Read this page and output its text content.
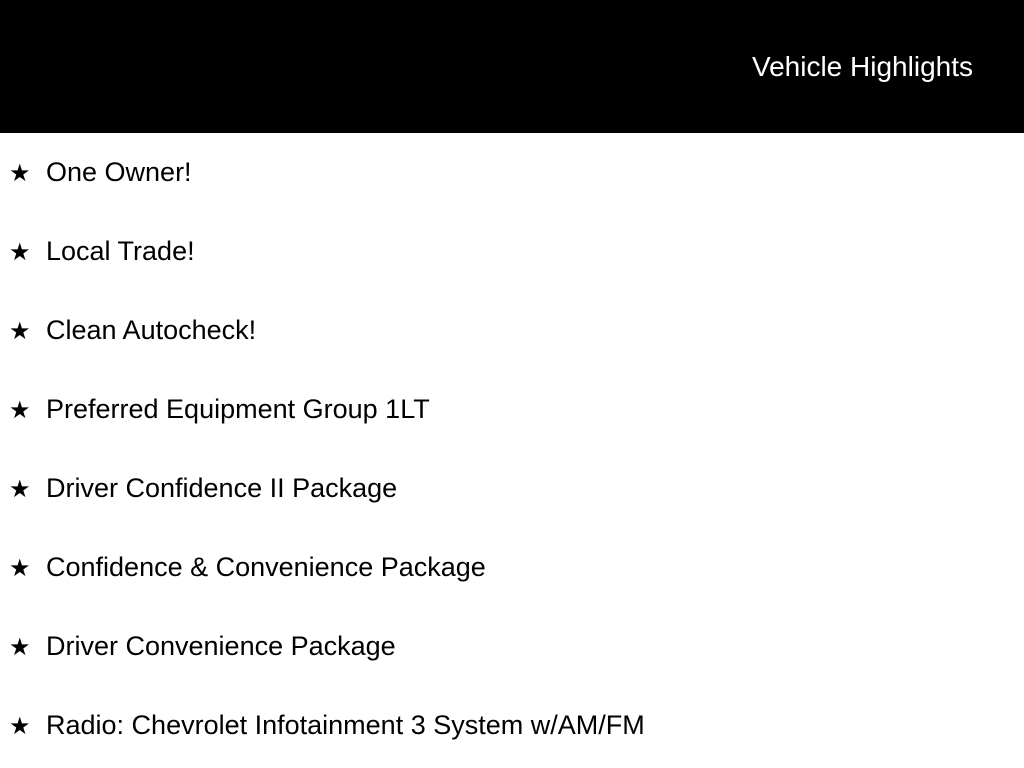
Vehicle Highlights
★ One Owner!
★ Local Trade!
★ Clean Autocheck!
★ Preferred Equipment Group 1LT
★ Driver Confidence II Package
★ Confidence & Convenience Package
★ Driver Convenience Package
★ Radio: Chevrolet Infotainment 3 System w/AM/FM
